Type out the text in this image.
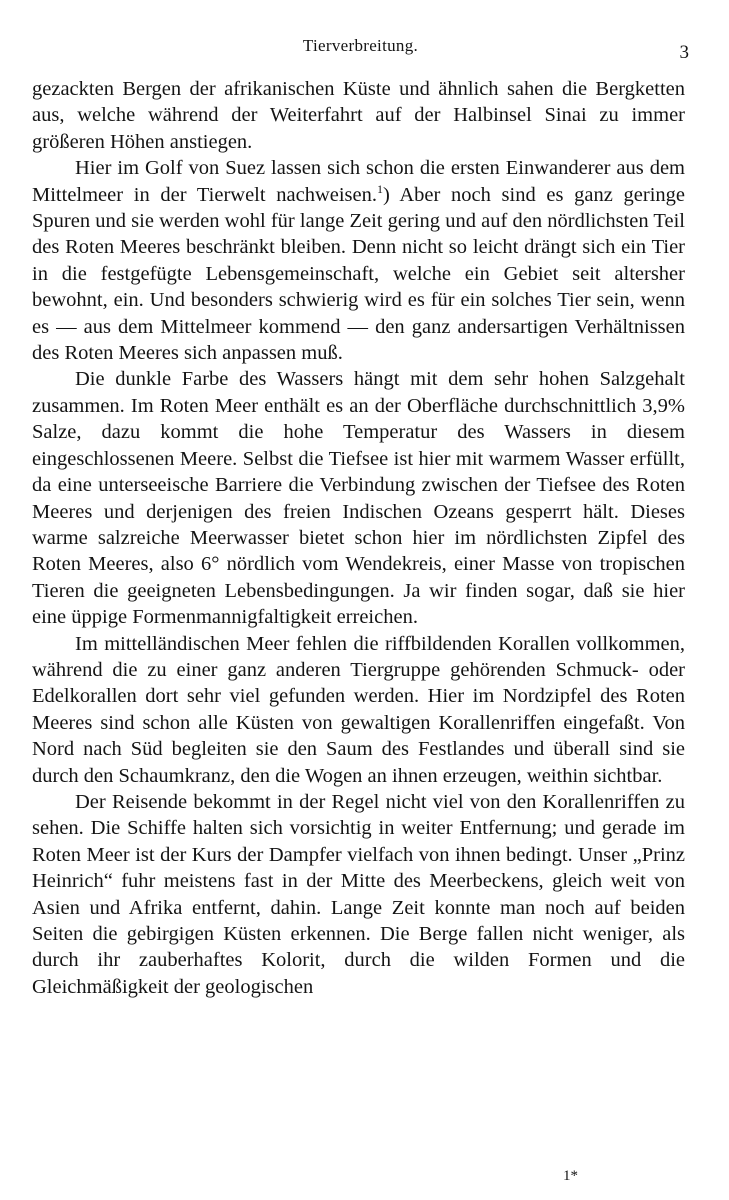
Tierverbreitung.	3

gezackten Bergen der afrikanischen Küste und ähnlich sahen die Bergketten aus, welche während der Weiterfahrt auf der Halbinsel Sinai zu immer größeren Höhen anstiegen.

Hier im Golf von Suez lassen sich schon die ersten Einwanderer aus dem Mittelmeer in der Tierwelt nachweisen.$^1$) Aber noch sind es ganz geringe Spuren und sie werden wohl für lange Zeit gering und auf den nördlichsten Teil des Roten Meeres beschränkt bleiben. Denn nicht so leicht drängt sich ein Tier in die festgefügte Lebensgemeinschaft, welche ein Gebiet seit altersher bewohnt, ein. Und besonders schwierig wird es für ein solches Tier sein, wenn es — aus dem Mittelmeer kommend — den ganz andersartigen Verhältnissen des Roten Meeres sich anpassen muß.

Die dunkle Farbe des Wassers hängt mit dem sehr hohen Salzgehalt zusammen. Im Roten Meer enthält es an der Oberfläche durchschnittlich 3,9% Salze, dazu kommt die hohe Temperatur des Wassers in diesem eingeschlossenen Meere. Selbst die Tiefsee ist hier mit warmem Wasser erfüllt, da eine unterseeische Barriere die Verbindung zwischen der Tiefsee des Roten Meeres und derjenigen des freien Indischen Ozeans gesperrt hält. Dieses warme salzreiche Meerwasser bietet schon hier im nördlichsten Zipfel des Roten Meeres, also 6° nördlich vom Wendekreis, einer Masse von tropischen Tieren die geeigneten Lebensbedingungen. Ja wir finden sogar, daß sie hier eine üppige Formenmannigfaltigkeit erreichen.

Im mittelländischen Meer fehlen die riffbildenden Korallen vollkommen, während die zu einer ganz anderen Tiergruppe gehörenden Schmuck- oder Edelkorallen dort sehr viel gefunden werden. Hier im Nordzipfel des Roten Meeres sind schon alle Küsten von gewaltigen Korallenriffen eingefaßt. Von Nord nach Süd begleiten sie den Saum des Festlandes und überall sind sie durch den Schaumkranz, den die Wogen an ihnen erzeugen, weithin sichtbar.

Der Reisende bekommt in der Regel nicht viel von den Korallenriffen zu sehen. Die Schiffe halten sich vorsichtig in weiter Entfernung; und gerade im Roten Meer ist der Kurs der Dampfer vielfach von ihnen bedingt. Unser „Prinz Heinrich“ fuhr meistens fast in der Mitte des Meerbeckens, gleich weit von Asien und Afrika entfernt, dahin. Lange Zeit konnte man noch auf beiden Seiten die gebirgigen Küsten erkennen. Die Berge fallen nicht weniger, als durch ihr zauberhaftes Kolorit, durch die wilden Formen und die Gleichmäßigkeit der geologischen

1*
